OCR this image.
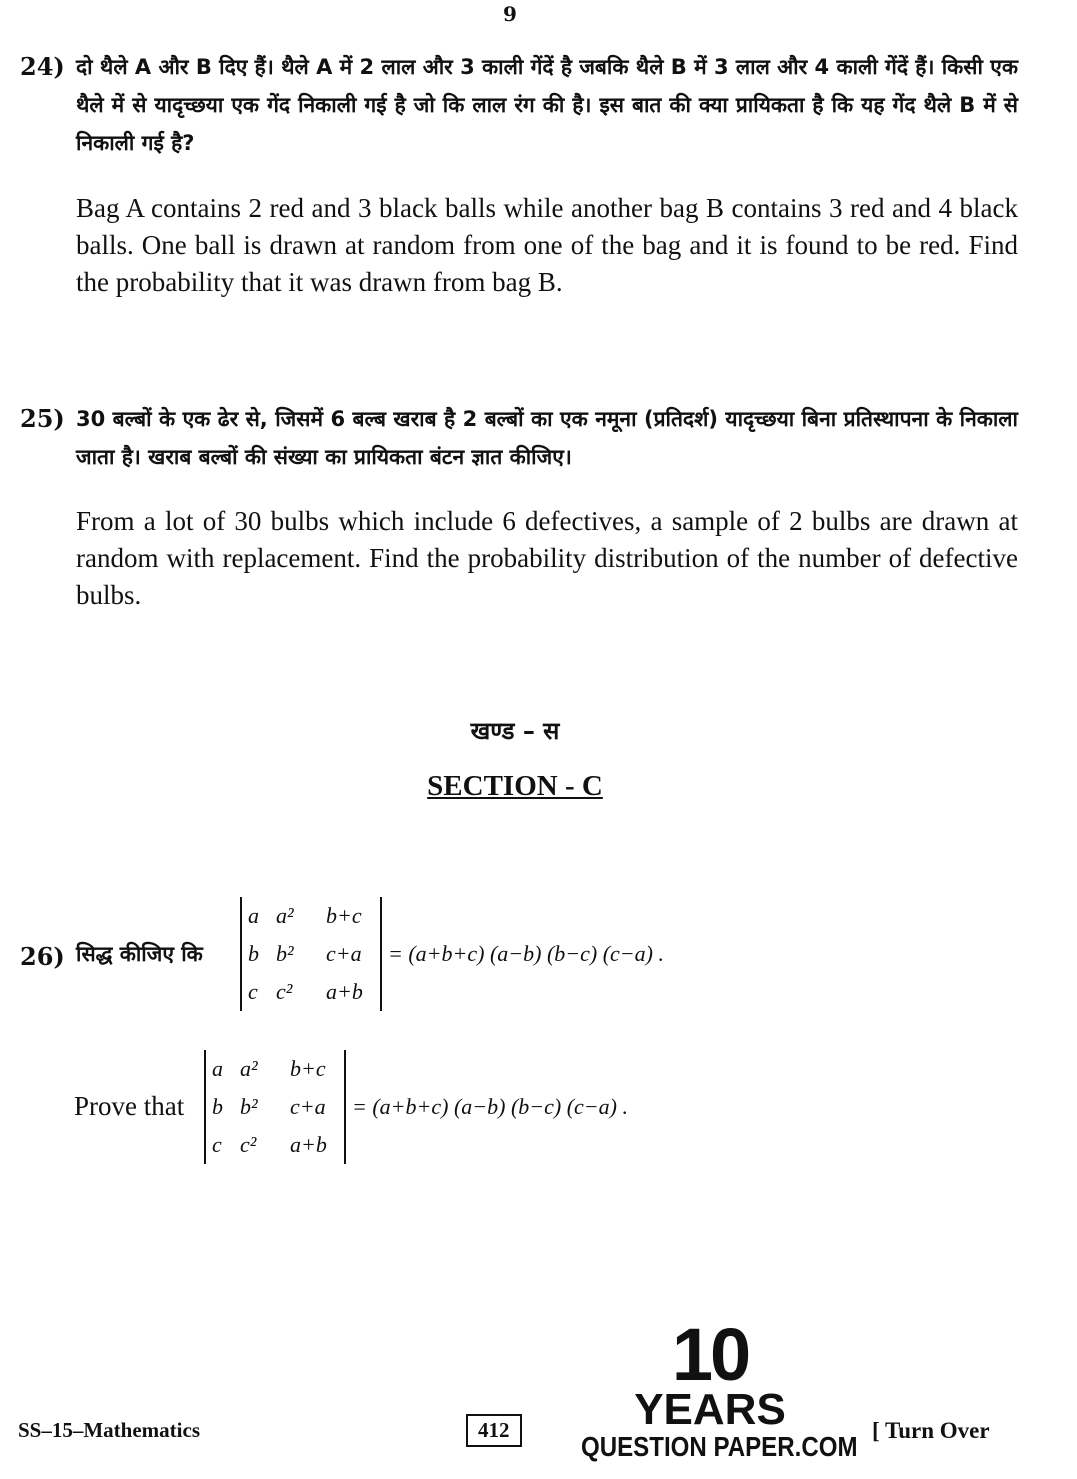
9
24) दो थैले A और B दिए हैं। थैले A में 2 लाल और 3 काली गेंदें है जबकि थैले B में 3 लाल और 4 काली गेंदें हैं। किसी एक थैले में से यादृच्छया एक गेंद निकाली गई है जो कि लाल रंग की है। इस बात की क्या प्रायिकता है कि यह गेंद थैले B में से निकाली गई है?
Bag A contains 2 red and 3 black balls while another bag B contains 3 red and 4 black balls. One ball is drawn at random from one of the bag and it is found to be red. Find the probability that it was drawn from bag B.
25) 30 बल्बों के एक ढेर से, जिसमें 6 बल्ब खराब है 2 बल्बों का एक नमूना (प्रतिदर्श) यादृच्छया बिना प्रतिस्थापना के निकाला जाता है। खराब बल्बों की संख्या का प्रायिकता बंटन ज्ञात कीजिए।
From a lot of 30 bulbs which include 6 defectives, a sample of 2 bulbs are drawn at random with replacement. Find the probability distribution of the number of defective bulbs.
खण्ड – स
SECTION - C
26) सिद्ध कीजिए कि
a a²	b+c
b b²	c+a
c c²	a+b
= (a+b+c) (a−b) (b−c) (c−a) .
Prove that
a a²	b+c
b b²	c+a
c c²	a+b
= (a+b+c) (a−b) (b−c) (c−a) .
10
YEARS
QUESTION PAPER.COM
SS–15–Mathematics	412	[ Turn Over
